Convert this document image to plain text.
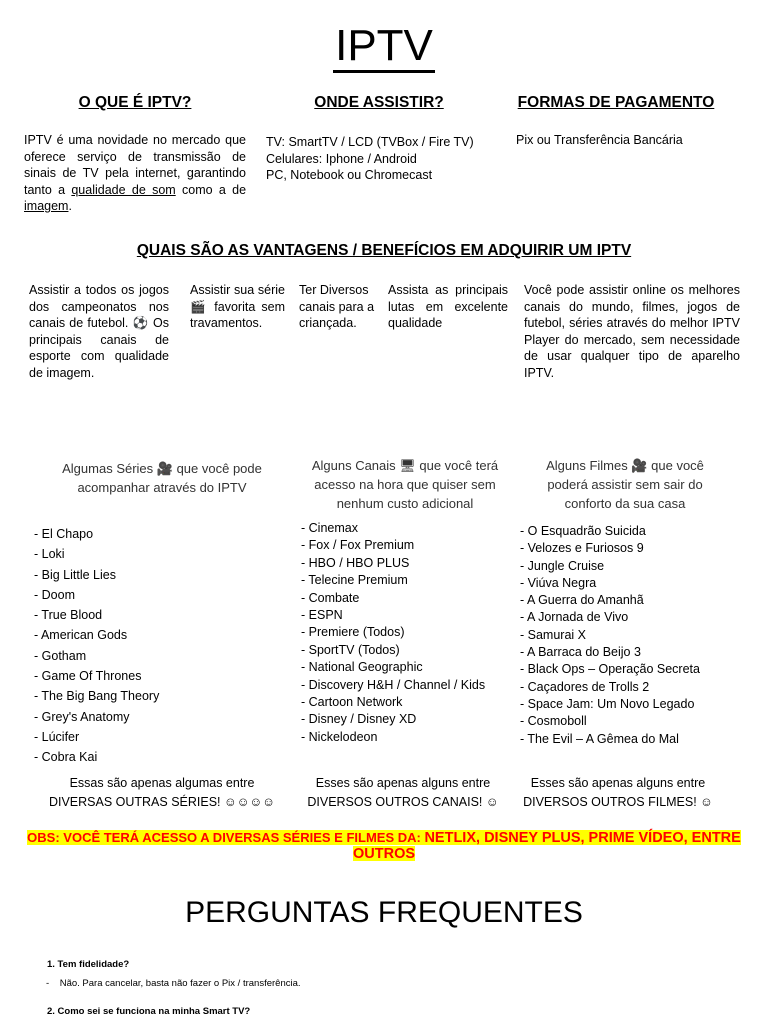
IPTV
O QUE É IPTV?
IPTV é uma novidade no mercado que oferece serviço de transmissão de sinais de TV pela internet, garantindo tanto a qualidade de som como a de imagem.
ONDE ASSISTIR?
TV: SmartTV / LCD (TVBox / Fire TV)
Celulares: Iphone / Android
PC, Notebook ou Chromecast
FORMAS DE PAGAMENTO
Pix ou Transferência Bancária
QUAIS SÃO AS VANTAGENS / BENEFÍCIOS EM ADQUIRIR UM IPTV
Assistir a todos os jogos dos campeonatos nos canais de futebol. ⚽ Os principais canais de esporte com qualidade de imagem.
Assistir sua série 🎬 favorita sem travamentos.
Ter Diversos canais para a criançada.
Assista as principais lutas em excelente qualidade
Você pode assistir online os melhores canais do mundo, filmes, jogos de futebol, séries através do melhor IPTV Player do mercado, sem necessidade de usar qualquer tipo de aparelho IPTV.
Algumas Séries 🎥 que você pode acompanhar através do IPTV
- El Chapo
- Loki
- Big Little Lies
- Doom
- True Blood
- American Gods
- Gotham
- Game Of Thrones
- The Big Bang Theory
- Grey's Anatomy
- Lúcifer
- Cobra Kai
Essas são apenas algumas entre DIVERSAS OUTRAS SÉRIES! ☺☺☺☺
Alguns Canais 🖥 que você terá acesso na hora que quiser sem nenhum custo adicional
- Cinemax
- Fox / Fox Premium
- HBO / HBO PLUS
- Telecine Premium
- Combate
- ESPN
- Premiere (Todos)
- SportTV (Todos)
- National Geographic
- Discovery H&H / Channel / Kids
- Cartoon Network
- Disney / Disney XD
- Nickelodeon
Esses são apenas alguns entre DIVERSOS OUTROS CANAIS! ☺
Alguns Filmes 🎥 que você poderá assistir sem sair do conforto da sua casa
- O Esquadrão Suicida
- Velozes e Furiosos 9
- Jungle Cruise
- Viúva Negra
- A Guerra do Amanhã
- A Jornada de Vivo
- Samurai X
- A Barraca do Beijo 3
- Black Ops – Operação Secreta
- Caçadores de Trolls 2
- Space Jam: Um Novo Legado
- Cosmoboll
- The Evil – A Gêmea do Mal
Esses são apenas alguns entre DIVERSOS OUTROS FILMES! ☺
OBS: VOCÊ TERÁ ACESSO A DIVERSAS SÉRIES E FILMES DA: NETLIX, DISNEY PLUS, PRIME VÍDEO, ENTRE OUTROS
PERGUNTAS FREQUENTES
1. Tem fidelidade?
-    Não. Para cancelar, basta não fazer o Pix / transferência.
2. Como sei se funciona na minha Smart TV?
